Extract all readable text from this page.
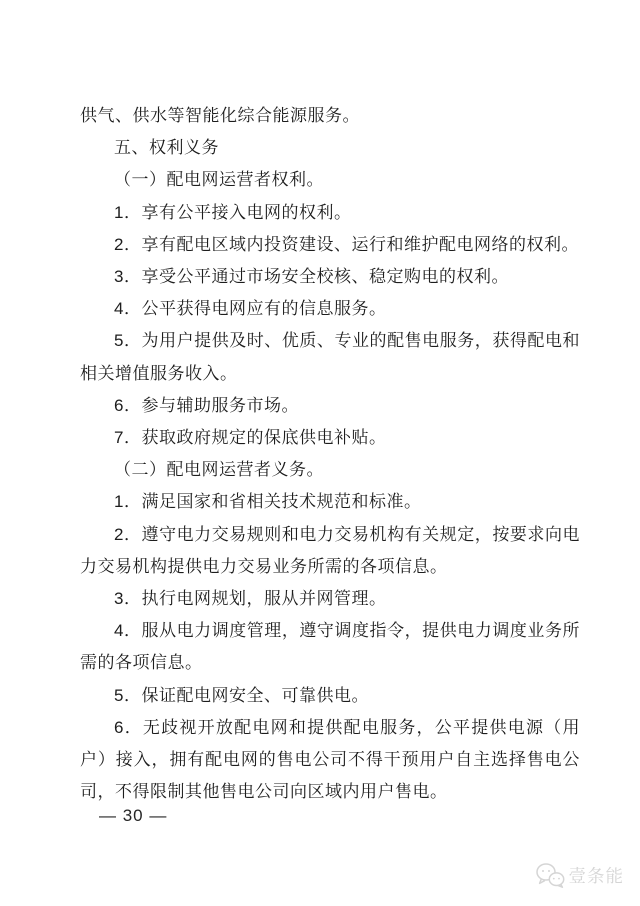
供气、供水等智能化综合能源服务。

五、权利义务

（一）配电网运营者权利。

1．享有公平接入电网的权利。

2．享有配电区域内投资建设、运行和维护配电网络的权利。

3．享受公平通过市场安全校核、稳定购电的权利。

4．公平获得电网应有的信息服务。

5．为用户提供及时、优质、专业的配售电服务，获得配电和相关增值服务收入。

6．参与辅助服务市场。

7．获取政府规定的保底供电补贴。

（二）配电网运营者义务。

1．满足国家和省相关技术规范和标准。

2．遵守电力交易规则和电力交易机构有关规定，按要求向电力交易机构提供电力交易业务所需的各项信息。

3．执行电网规划，服从并网管理。

4．服从电力调度管理，遵守调度指令，提供电力调度业务所需的各项信息。

5．保证配电网安全、可靠供电。

6．无歧视开放配电网和提供配电服务，公平提供电源（用户）接入，拥有配电网的售电公司不得干预用户自主选择售电公司，不得限制其他售电公司向区域内用户售电。

— 30 —
壹条能
